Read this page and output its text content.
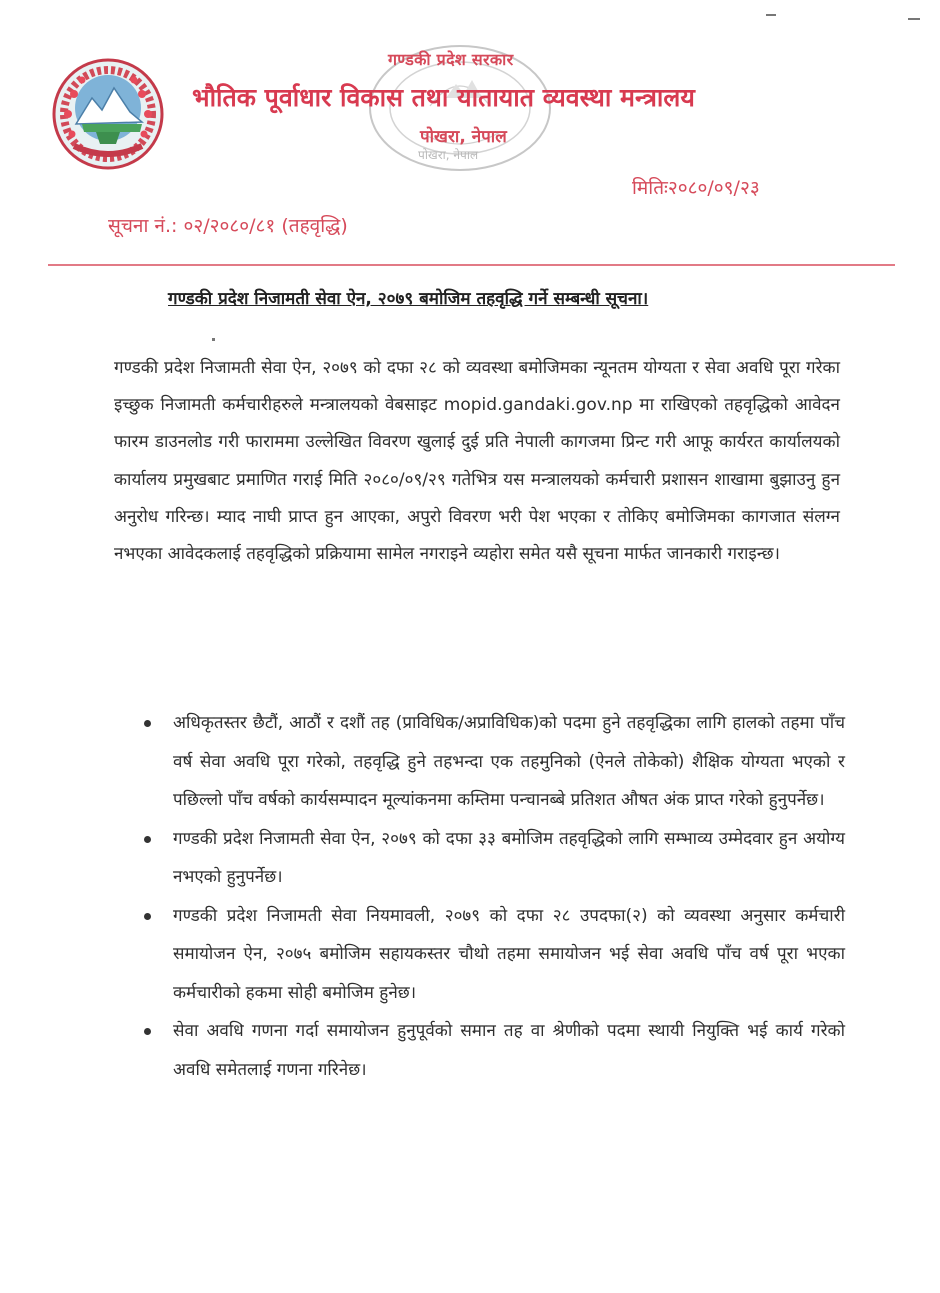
गण्डकी प्रदेश सरकार
भौतिक पूर्वाधार विकास तथा यातायात व्यवस्था मन्त्रालय
पोखरा, नेपाल
पोखरा, नेपाल
मितिः२०८०/०९/२३
सूचना नं.: ०२/२०८०/८१ (तहवृद्धि)
गण्डकी प्रदेश निजामती सेवा ऐन, २०७९ बमोजिम तहवृद्धि गर्ने सम्बन्धी सूचना।
गण्डकी प्रदेश निजामती सेवा ऐन, २०७९ को दफा २८ को व्यवस्था बमोजिमका न्यूनतम योग्यता र सेवा अवधि पूरा गरेका इच्छुक निजामती कर्मचारीहरुले मन्त्रालयको वेबसाइट mopid.gandaki.gov.np मा राखिएको तहवृद्धिको आवेदन फारम डाउनलोड गरी फाराममा उल्लेखित विवरण खुलाई दुई प्रति नेपाली कागजमा प्रिन्ट गरी आफू कार्यरत कार्यालयको कार्यालय प्रमुखबाट प्रमाणित गराई मिति २०८०/०९/२९ गतेभित्र यस मन्त्रालयको कर्मचारी प्रशासन शाखामा बुझाउनु हुन अनुरोध गरिन्छ। म्याद नाघी प्राप्त हुन आएका, अपुरो विवरण भरी पेश भएका र तोकिए बमोजिमका कागजात संलग्न नभएका आवेदकलाई तहवृद्धिको प्रक्रियामा सामेल नगराइने व्यहोरा समेत यसै सूचना मार्फत जानकारी गराइन्छ।
अधिकृतस्तर छैटौं, आठौं र दशौं तह (प्राविधिक/अप्राविधिक)को पदमा हुने तहवृद्धिका लागि हालको तहमा पाँच वर्ष सेवा अवधि पूरा गरेको, तहवृद्धि हुने तहभन्दा एक तहमुनिको (ऐनले तोकेको) शैक्षिक योग्यता भएको र पछिल्लो पाँच वर्षको कार्यसम्पादन मूल्यांकनमा कम्तिमा पन्चानब्बे प्रतिशत औषत अंक प्राप्त गरेको हुनुपर्नेछ।
गण्डकी प्रदेश निजामती सेवा ऐन, २०७९ को दफा ३३ बमोजिम तहवृद्धिको लागि सम्भाव्य उम्मेदवार हुन अयोग्य नभएको हुनुपर्नेछ।
गण्डकी प्रदेश निजामती सेवा नियमावली, २०७९ को दफा २८ उपदफा(२) को व्यवस्था अनुसार कर्मचारी समायोजन ऐन, २०७५ बमोजिम सहायकस्तर चौथो तहमा समायोजन भई सेवा अवधि पाँच वर्ष पूरा भएका कर्मचारीको हकमा सोही बमोजिम हुनेछ।
सेवा अवधि गणना गर्दा समायोजन हुनुपूर्वको समान तह वा श्रेणीको पदमा स्थायी नियुक्ति भई कार्य गरेको अवधि समेतलाई गणना गरिनेछ।
